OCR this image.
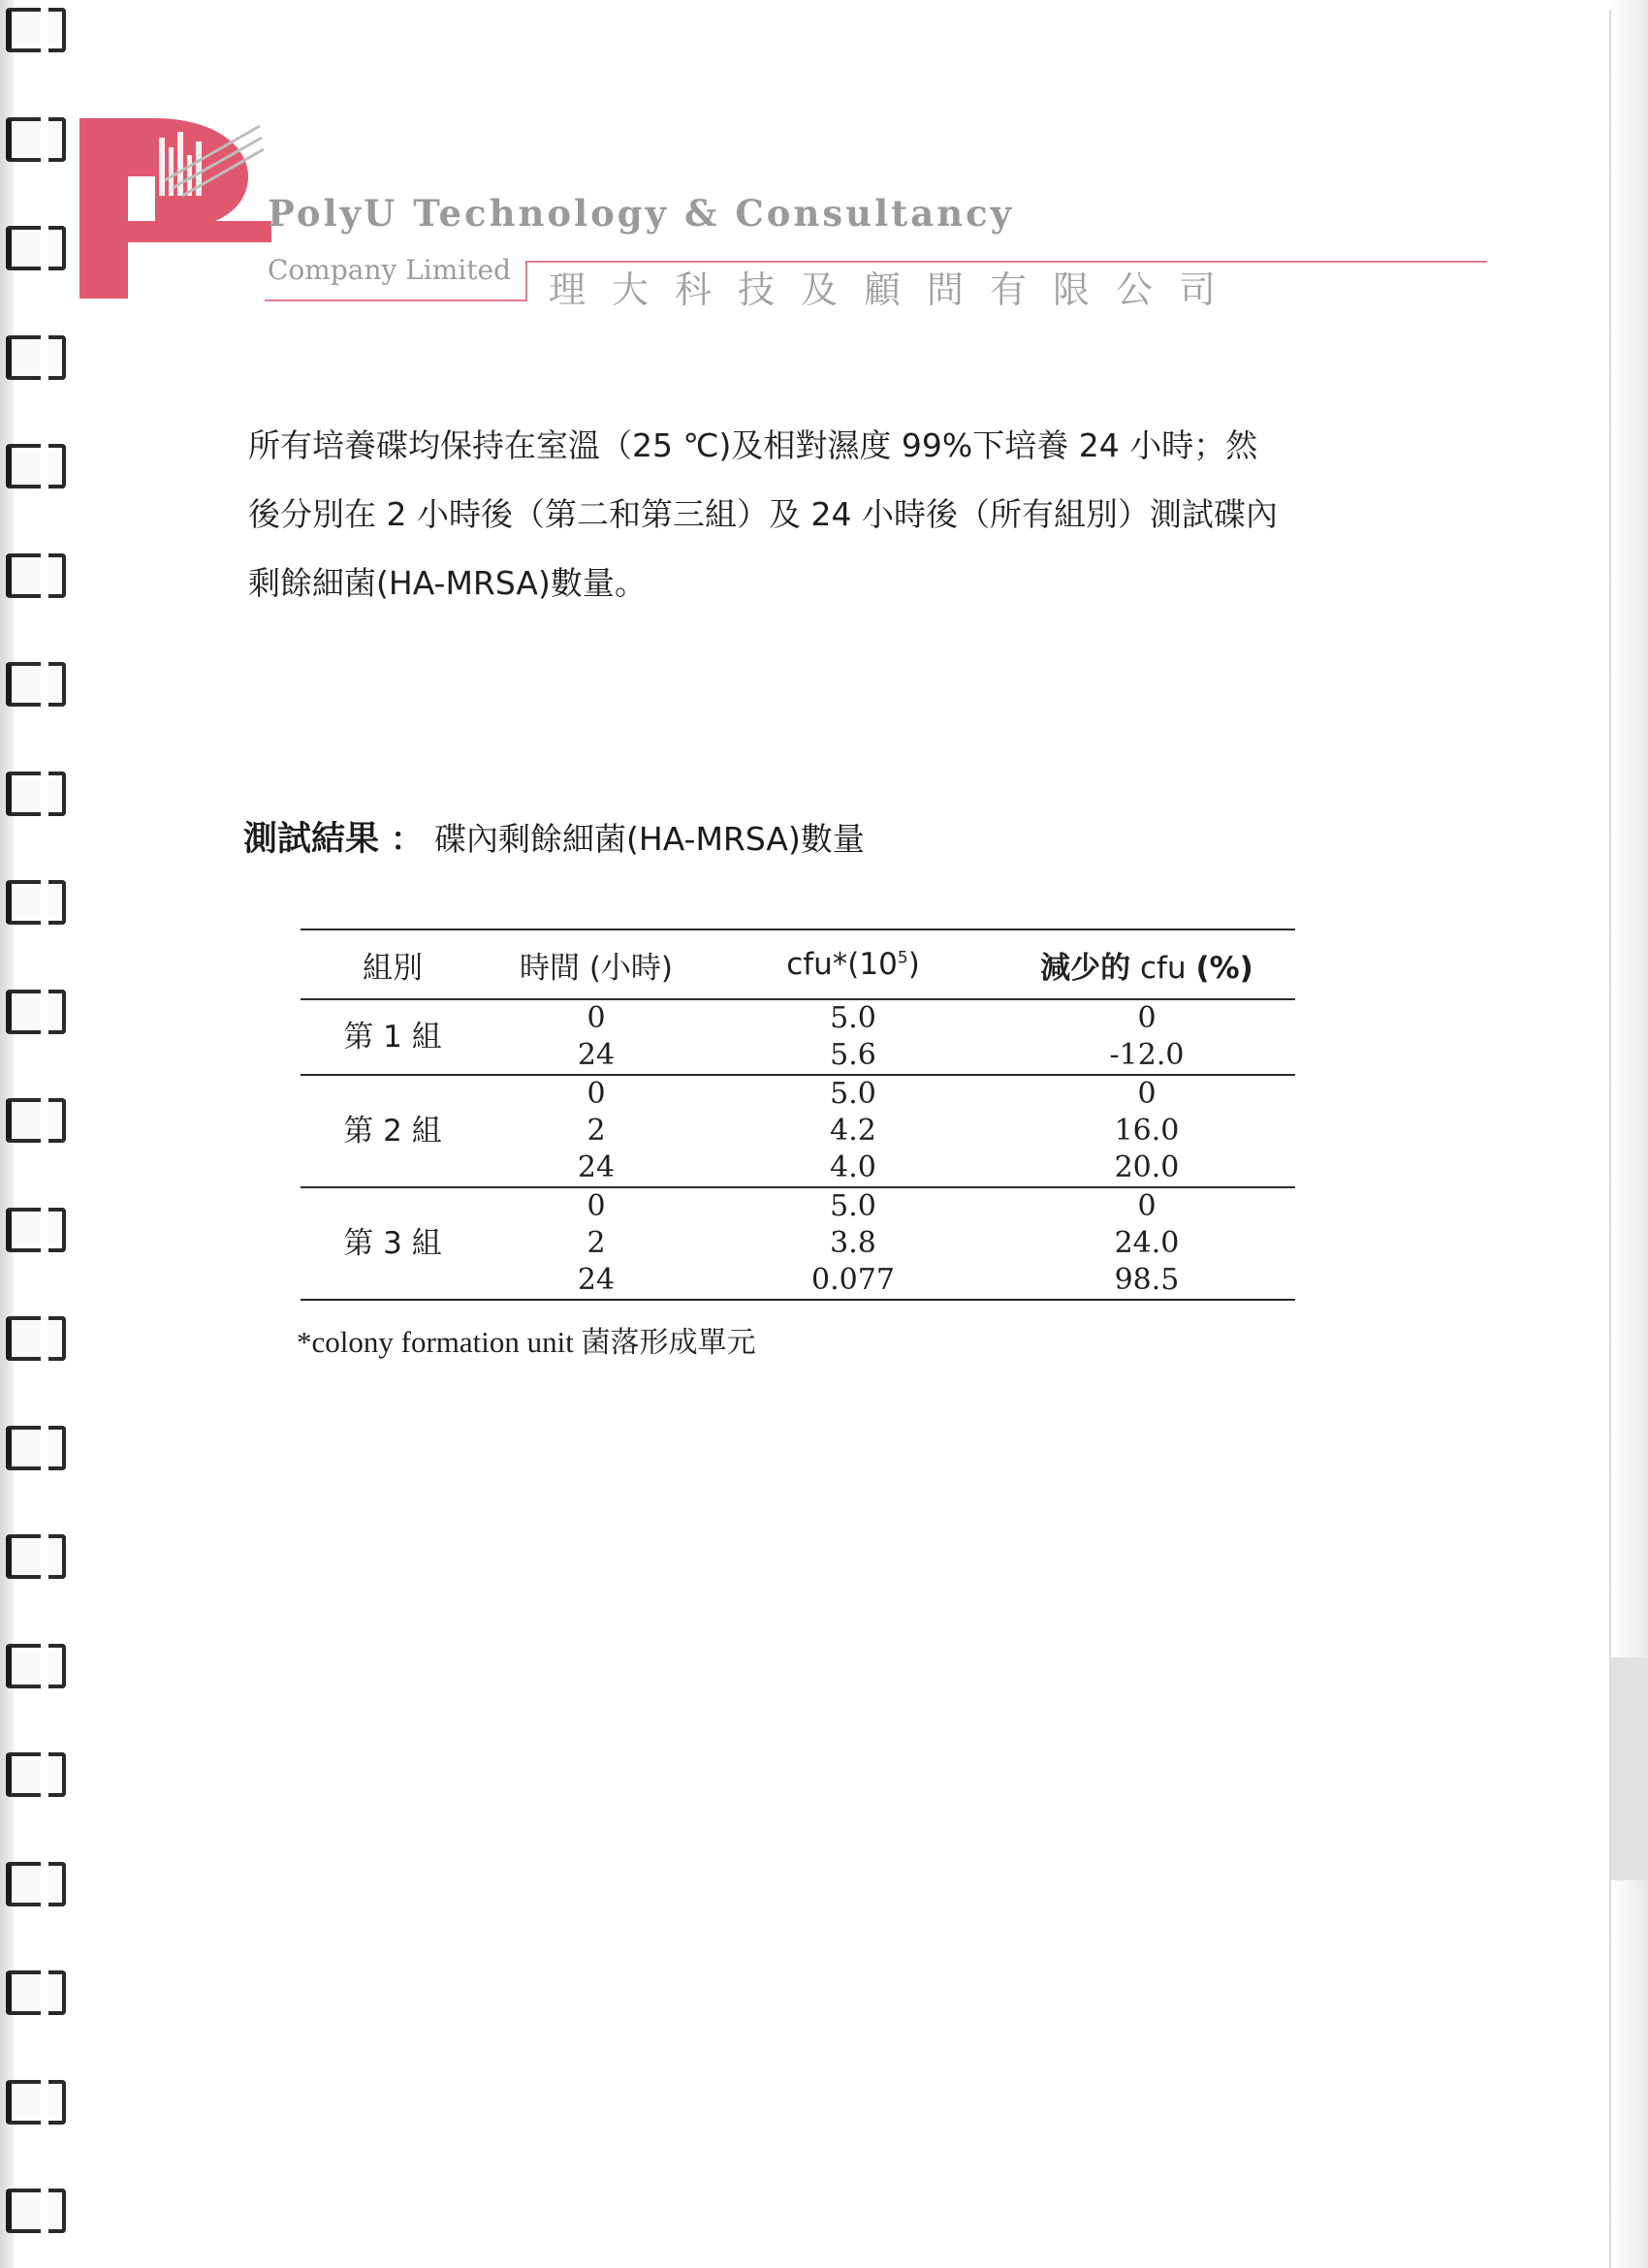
PolyU Technology & Consultancy
Company Limited 理大科技及顧問有限公司

所有培養碟均保持在室溫（25 ℃)及相對濕度 99%下培養 24 小時；然
後分別在 2 小時後（第二和第三組）及 24 小時後（所有組別）測試碟內
剩餘細菌(HA-MRSA)數量。

測試結果 ： 碟內剩餘細菌(HA-MRSA)數量
組別	時間 (小時)	$cfu*(10^5)$	減少的 cfu (%)
第 1 組	0	5.0	0
	24	5.6	-12.0
第 2 組	0	5.0	0
	2	4.2	16.0
	24	4.0	20.0
第 3 組	0	5.0	0
	2	3.8	24.0
	24	0.077	98.5
*colony formation unit 菌落形成單元
